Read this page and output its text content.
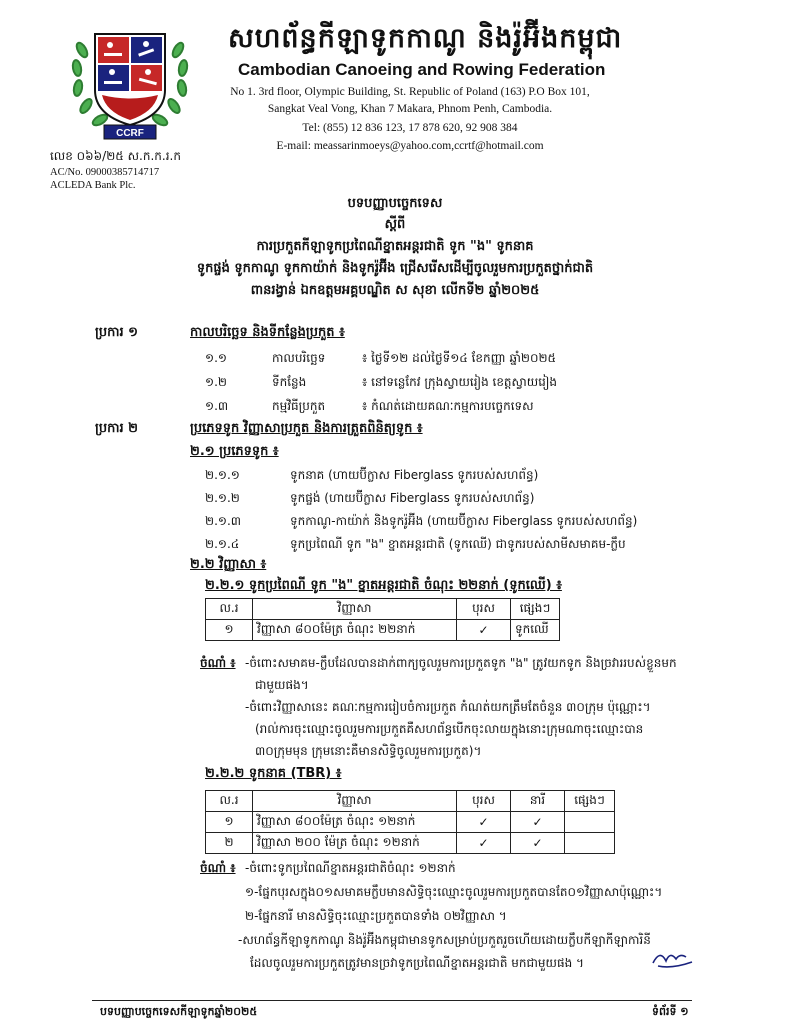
CCRF
សហព័ន្ធកីឡាទូកកាណូ និងរ៉ូអ៊ីងកម្ពុជា
Cambodian Canoeing and Rowing Federation
No 1. 3rd floor, Olympic Building, St. Republic of Poland (163) P.O Box 101,
Sangkat Veal Vong, Khan 7 Makara, Phnom Penh, Cambodia.
Tel: (855) 12 836 123, 17 878 620, 92 908 384
E-mail: meassarinmoeys@yahoo.com,ccrtf@hotmail.com
លេខ ០៦៦/២៥ ស.ក.ក.រ.ក
AC/No. 09000385714717
ACLEDA Bank Plc.
បទបញ្ញាបច្ចេកទេស
ស្ដីពី
ការប្រកួតកីឡាទូកប្រពៃណីខ្នាតអន្តរជាតិ ទូក "ង" ទូកនាគ
ទូកផ្ចង់ ទូកកាណូ ទូកកាយ៉ាក់ និងទូករ៉ូអ៊ីង ជ្រើសរើសដើម្បីចូលរួមការប្រកួតថ្នាក់ជាតិ
ពានរង្វាន់ ឯកឧត្តមអគ្គបណ្ឌិត ស សុខា លើកទី២ ឆ្នាំ២០២៥
ប្រការ ១	កាលបរិច្ឆេទ និងទីកន្លែងប្រកួត ៖
១.១	កាលបរិច្ឆេទ	៖ ថ្ងៃទី១២ ដល់ថ្ងៃទី១៤ ខែកញ្ញា ឆ្នាំ២០២៥
១.២	ទីកន្លែង	៖ នៅទន្លេកែវ ក្រុងស្វាយរៀង ខេត្តស្វាយរៀង
១.៣	កម្មវិធីប្រកួត	៖ កំណត់ដោយគណៈកម្មការបច្ចេកទេស
ប្រការ ២	ប្រភេទទូក វិញ្ញាសាប្រកួត និងការត្រួតពិនិត្យទូក ៖
២.១ ប្រភេទទូក ៖
២.១.១	ទូកនាគ (ហាយប៊ីក្លាស Fiberglass ទូករបស់សហព័ន្ធ)
២.១.២	ទូកផ្ចង់ (ហាយប៊ីក្លាស Fiberglass ទូករបស់សហព័ន្ធ)
២.១.៣	ទូកកាណូ-កាយ៉ាក់ និងទូករ៉ូអ៊ីង (ហាយប៊ីក្លាស Fiberglass ទូករបស់សហព័ន្ធ)
២.១.៤	ទូកប្រពៃណី ទូក "ង" ខ្នាតអន្តរជាតិ (ទូកឈើ) ជាទូករបស់សាមីសមាគម-ក្លឹប
២.២ វិញ្ញាសា ៖
២.២.១ ទូកប្រពៃណី ទូក "ង" ខ្នាតអន្តរជាតិ ចំណុះ ២២នាក់ (ទូកឈើ) ៖
ល.រ	វិញ្ញាសា	បុរស	ផ្សេងៗ
១	វិញ្ញាសា ៨០០ម៉ែត្រ ចំណុះ ២២នាក់	✓	ទូកឈើ
ចំណាំ ៖ -ចំពោះសមាគម-ក្លឹបដែលបានដាក់ពាក្យចូលរួមការប្រកួតទូក "ង" ត្រូវយកទូក និងច្រវាររបស់ខ្លួនមក
ជាមួយផង។
-ចំពោះវិញ្ញាសានេះ គណៈកម្មការរៀបចំការប្រកួត កំណត់យកត្រឹមតែចំនួន ៣០ក្រុម ប៉ុណ្ណោះ។
(រាល់ការចុះឈ្មោះចូលរួមការប្រកួតគឺសហព័ន្ធបើកចុះលាយក្នុងនោះក្រុមណាចុះឈ្មោះបាន
៣០ក្រុមមុន ក្រុមនោះគឺមានសិទ្ធិចូលរួមការប្រកួត)។
២.២.២ ទូកនាគ (TBR) ៖
ល.រ	វិញ្ញាសា	បុរស	នារី	ផ្សេងៗ
១	វិញ្ញាសា ៨០០ម៉ែត្រ ចំណុះ ១២នាក់	✓	✓	
២	វិញ្ញាសា ២០០ ម៉ែត្រ ចំណុះ ១២នាក់	✓	✓	
ចំណាំ ៖ -ចំពោះទូកប្រពៃណីខ្នាតអន្តរជាតិចំណុះ ១២នាក់
១-ផ្នែកបុរសក្នុង០១សមាគមក្លឹបមានសិទ្ធិចុះឈ្មោះចូលរួមការប្រកួតបានតែ០១វិញ្ញាសាប៉ុណ្ណោះ។
២-ផ្នែកនារី មានសិទ្ធិចុះឈ្មោះប្រកួតបានទាំង ០២វិញ្ញាសា ។
-សហព័ន្ធកីឡាទូកកាណូ និងរ៉ូអ៊ីងកម្ពុជាមានទូកសម្រាប់ប្រកួតរួចហើយដោយក្លឹបកីឡាកីឡាការិនី
ដែលចូលរួមការប្រកួតត្រូវមានច្រវាទូកប្រពៃណីខ្នាតអន្តរជាតិ មកជាមួយផង ។
បទបញ្ញាបច្ចេកទេសកីឡាទូកឆ្នាំ២០២៥	ទំព័រទី ១
